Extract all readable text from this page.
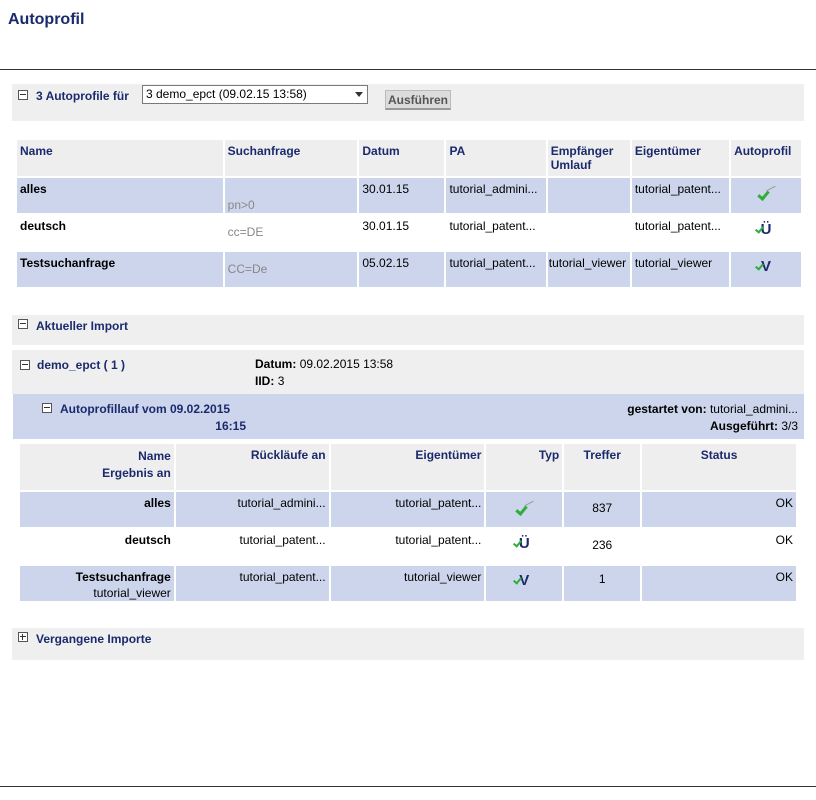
Autoprofil
3 Autoprofile für	3 demo_epct (09.02.15 13:58)	Ausführen
Name	Suchanfrage	Datum	PA	Empfänger Umlauf	Eigentümer	Autoprofil
alles	pn>0	30.01.15	tutorial_admini...		tutorial_patent...	
deutsch	cc=DE	30.01.15	tutorial_patent...		tutorial_patent...	Ü
Testsuchanfrage	CC=De	05.02.15	tutorial_patent...	tutorial_viewer	tutorial_viewer	V
Aktueller Import
demo_epct ( 1 )	Datum: 09.02.2015 13:58
IID: 3
Autoprofillauf vom 09.02.2015
16:15
gestartet von: tutorial_admini...
Ausgeführt: 3/3
Name
Ergebnis an	Rückläufe an	Eigentümer	Typ	Treffer	Status
alles	tutorial_admini...	tutorial_patent...		837	OK
deutsch	tutorial_patent...	tutorial_patent...	Ü	236	OK

Testsuchanfrage
tutorial_viewer	tutorial_patent...	tutorial_viewer	V	1	OK
Vergangene Importe
